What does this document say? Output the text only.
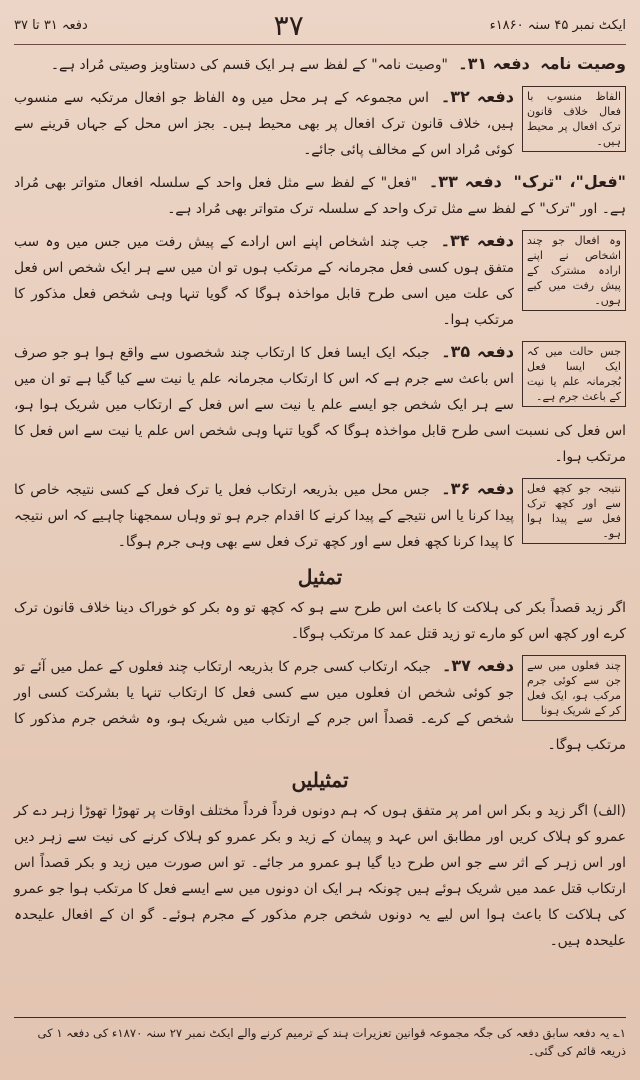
دفعہ ۳۱ تا ۳۷	۳۷	ایکٹ نمبر ۴۵ سنہ ۱۸۶۰ء

وصیت نامہ دفعہ ۳۱۔ "وصیت نامہ" کے لفظ سے ہر ایک قسم کی دستاویز وصیتی مُراد ہے۔

الفاظ منسوب با فعال خلاف قانون ترک افعال پر محیط ہیں۔

دفعہ ۳۲۔ اس مجموعہ کے ہر محل میں وہ الفاظ جو افعال مرتکبہ سے منسوب ہیں، خلاف قانون ترک افعال پر بھی محیط ہیں۔ بجز اس محل کے جہاں قرینے سے کوئی مُراد اس کے مخالف پائی جائے۔

"فعل"، "ترک" دفعہ ۳۳۔ "فعل" کے لفظ سے مثل فعل واحد کے سلسلہ افعال متواتر بھی مُراد ہے۔ اور "ترک" کے لفظ سے مثل ترک واحد کے سلسلہ ترک متواتر بھی مُراد ہے۔

وہ افعال جو چند اشخاص نے اپنے ارادہ مشترک کے پیش رفت میں کیے ہوں۔

دفعہ ۳۴۔ جب چند اشخاص اپنے اس ارادے کے پیش رفت میں جس میں وہ سب متفق ہوں کسی فعل مجرمانہ کے مرتکب ہوں تو ان میں سے ہر ایک شخص اس فعل کی علت میں اسی طرح قابل مواخذہ ہوگا کہ گویا تنہا وہی شخص فعل مذکور کا مرتکب ہوا۔

جس حالت میں کہ ایک ایسا فعل بُجرمانہ علم یا نیت کے باعث جرم ہے۔

دفعہ ۳۵۔ جبکہ ایک ایسا فعل کا ارتکاب چند شخصوں سے واقع ہوا ہو جو صرف اس باعث سے جرم ہے کہ اس کا ارتکاب مجرمانہ علم یا نیت سے کیا گیا ہے تو ان میں سے ہر ایک شخص جو ایسے علم یا نیت سے اس فعل کے ارتکاب میں شریک ہوا ہو، اس فعل کی نسبت اسی طرح قابل مواخذہ ہوگا کہ گویا تنہا وہی شخص اس علم یا نیت سے اس فعل کا مرتکب ہوا۔

نتیجہ جو کچھ فعل سے اور کچھ ترک فعل سے پیدا ہوا ہو۔

دفعہ ۳۶۔ جس محل میں بذریعہ ارتکاب فعل یا ترک فعل کے کسی نتیجہ خاص کا پیدا کرنا یا اس نتیجے کے پیدا کرنے کا اقدام جرم ہو تو وہاں سمجھنا چاہیے کہ اس نتیجہ کا پیدا کرنا کچھ فعل سے اور کچھ ترک فعل سے بھی وہی جرم ہوگا۔

تمثیل

اگر زید قصداً بکر کی ہلاکت کا باعث اس طرح سے ہو کہ کچھ تو وہ بکر کو خوراک دینا خلاف قانون ترک کرے اور کچھ اس کو مارے تو زید قتل عمد کا مرتکب ہوگا۔

چند فعلوں میں سے جن سے کوئی جرم مرکب ہو، ایک فعل کر کے شریک ہونا

دفعہ ۳۷۔ جبکہ ارتکاب کسی جرم کا بذریعہ ارتکاب چند فعلوں کے عمل میں آئے تو جو کوئی شخص ان فعلوں میں سے کسی فعل کا ارتکاب تنہا یا بشرکت کسی اور شخص کے کرے۔ قصداً اس جرم کے ارتکاب میں شریک ہو، وہ شخص جرم مذکور کا مرتکب ہوگا۔

تمثیلیں

(الف) اگر زید و بکر اس امر پر متفق ہوں کہ ہم دونوں فرداً فرداً مختلف اوقات پر تھوڑا تھوڑا زہر دے کر عمرو کو ہلاک کریں اور مطابق اس عہد و پیمان کے زید و بکر عمرو کو ہلاک کرنے کی نیت سے زہر دیں اور اس زہر کے اثر سے جو اس طرح دیا گیا ہو عمرو مر جائے۔ تو اس صورت میں زید و بکر قصداً اس ارتکاب قتل عمد میں شریک ہوئے ہیں چونکہ ہر ایک ان دونوں میں سے ایسے فعل کا مرتکب ہوا جو عمرو کی ہلاکت کا باعث ہوا اس لیے یہ دونوں شخص جرم مذکور کے مجرم ہوئے۔ گو ان کے افعال علیحدہ علیحدہ ہیں۔

۱؎ یہ دفعہ سابق دفعہ کی جگہ مجموعہ قوانین تعزیرات ہند کے ترمیم کرنے والے ایکٹ نمبر ۲۷ سنہ ۱۸۷۰ء کی دفعہ ۱ کی ذریعہ قائم کی گئی۔
